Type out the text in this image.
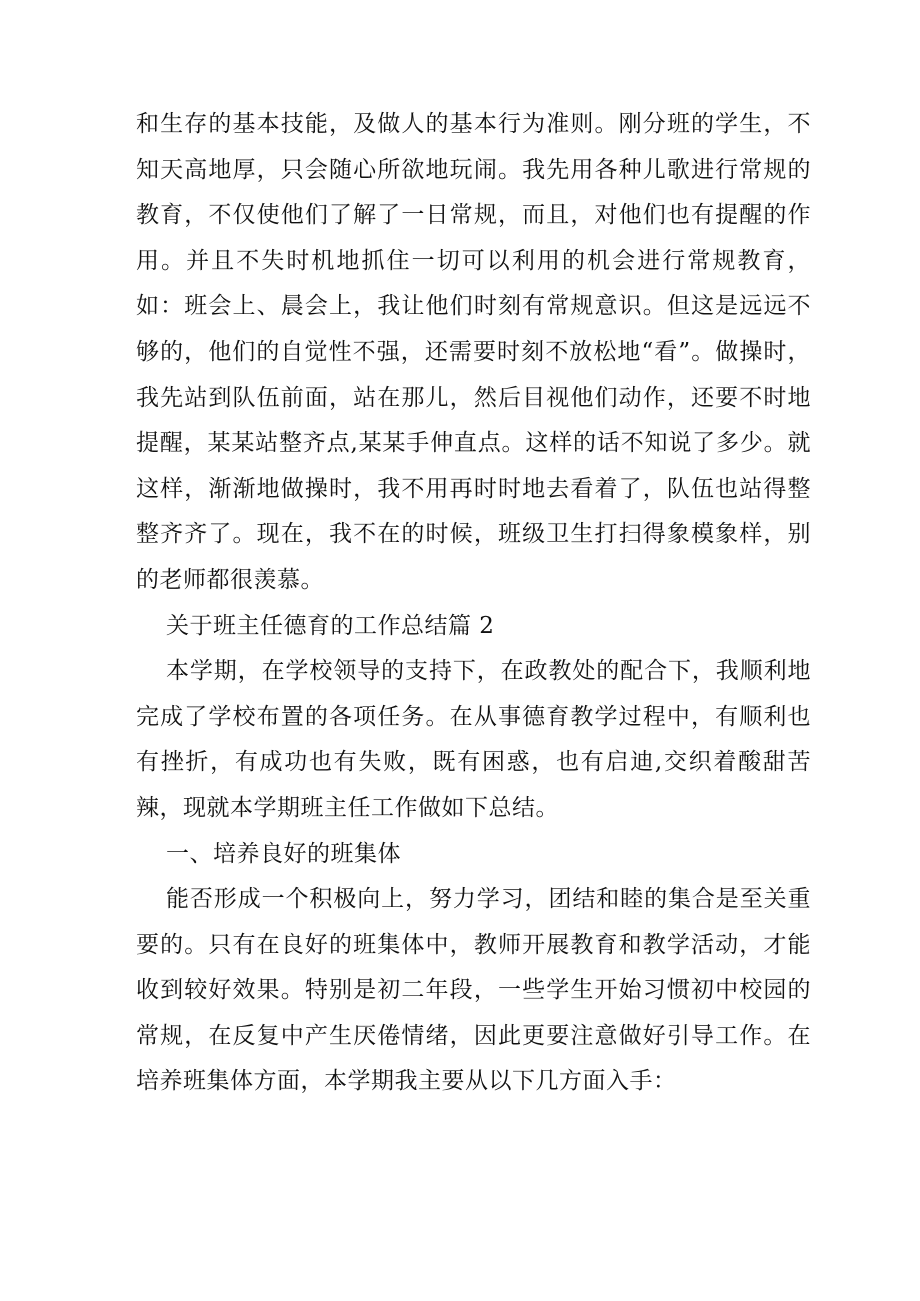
和生存的基本技能，及做人的基本行为准则。刚分班的学生，不知天高地厚，只会随心所欲地玩闹。我先用各种儿歌进行常规的教育，不仅使他们了解了一日常规，而且，对他们也有提醒的作用。并且不失时机地抓住一切可以利用的机会进行常规教育，如：班会上、晨会上，我让他们时刻有常规意识。但这是远远不够的，他们的自觉性不强，还需要时刻不放松地“看”。做操时，我先站到队伍前面，站在那儿，然后目视他们动作，还要不时地提醒，某某站整齐点,某某手伸直点。这样的话不知说了多少。就这样，渐渐地做操时，我不用再时时地去看着了，队伍也站得整整齐齐了。现在，我不在的时候，班级卫生打扫得象模象样，别的老师都很羡慕。

关于班主任德育的工作总结篇 2

本学期，在学校领导的支持下，在政教处的配合下，我顺利地完成了学校布置的各项任务。在从事德育教学过程中，有顺利也有挫折，有成功也有失败，既有困惑，也有启迪,交织着酸甜苦辣，现就本学期班主任工作做如下总结。

一、培养良好的班集体

能否形成一个积极向上，努力学习，团结和睦的集合是至关重要的。只有在良好的班集体中，教师开展教育和教学活动，才能收到较好效果。特别是初二年段，一些学生开始习惯初中校园的常规，在反复中产生厌倦情绪，因此更要注意做好引导工作。在培养班集体方面，本学期我主要从以下几方面入手：
